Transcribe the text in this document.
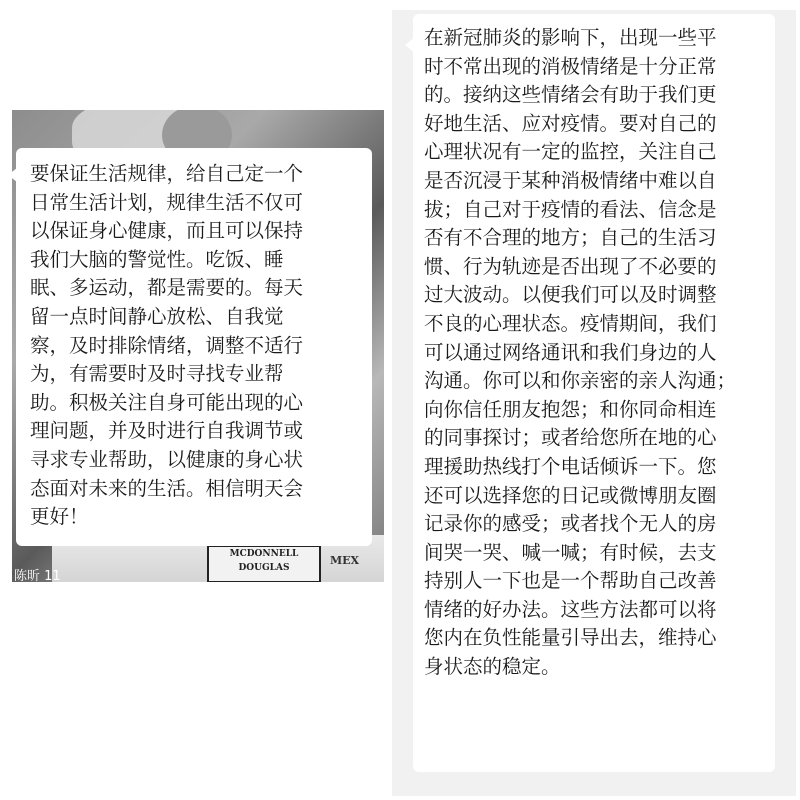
MCDONNELL
DOUGLAS
MEX
陈昕 11
要保证生活规律，给自己定一个
日常生活计划，规律生活不仅可
以保证身心健康，而且可以保持
我们大脑的警觉性。吃饭、睡
眠、多运动，都是需要的。每天
留一点时间静心放松、自我觉
察，及时排除情绪，调整不适行
为，有需要时及时寻找专业帮
助。积极关注自身可能出现的心
理问题，并及时进行自我调节或
寻求专业帮助，以健康的身心状
态面对未来的生活。相信明天会
更好！
在新冠肺炎的影响下，出现一些平
时不常出现的消极情绪是十分正常
的。接纳这些情绪会有助于我们更
好地生活、应对疫情。要对自己的
心理状况有一定的监控，关注自己
是否沉浸于某种消极情绪中难以自
拔；自己对于疫情的看法、信念是
否有不合理的地方；自己的生活习
惯、行为轨迹是否出现了不必要的
过大波动。以便我们可以及时调整
不良的心理状态。疫情期间，我们
可以通过网络通讯和我们身边的人
沟通。你可以和你亲密的亲人沟通；
向你信任朋友抱怨；和你同命相连
的同事探讨；或者给您所在地的心
理援助热线打个电话倾诉一下。您
还可以选择您的日记或微博朋友圈
记录你的感受；或者找个无人的房
间哭一哭、喊一喊；有时候，去支
持别人一下也是一个帮助自己改善
情绪的好办法。这些方法都可以将
您内在负性能量引导出去，维持心
身状态的稳定。
